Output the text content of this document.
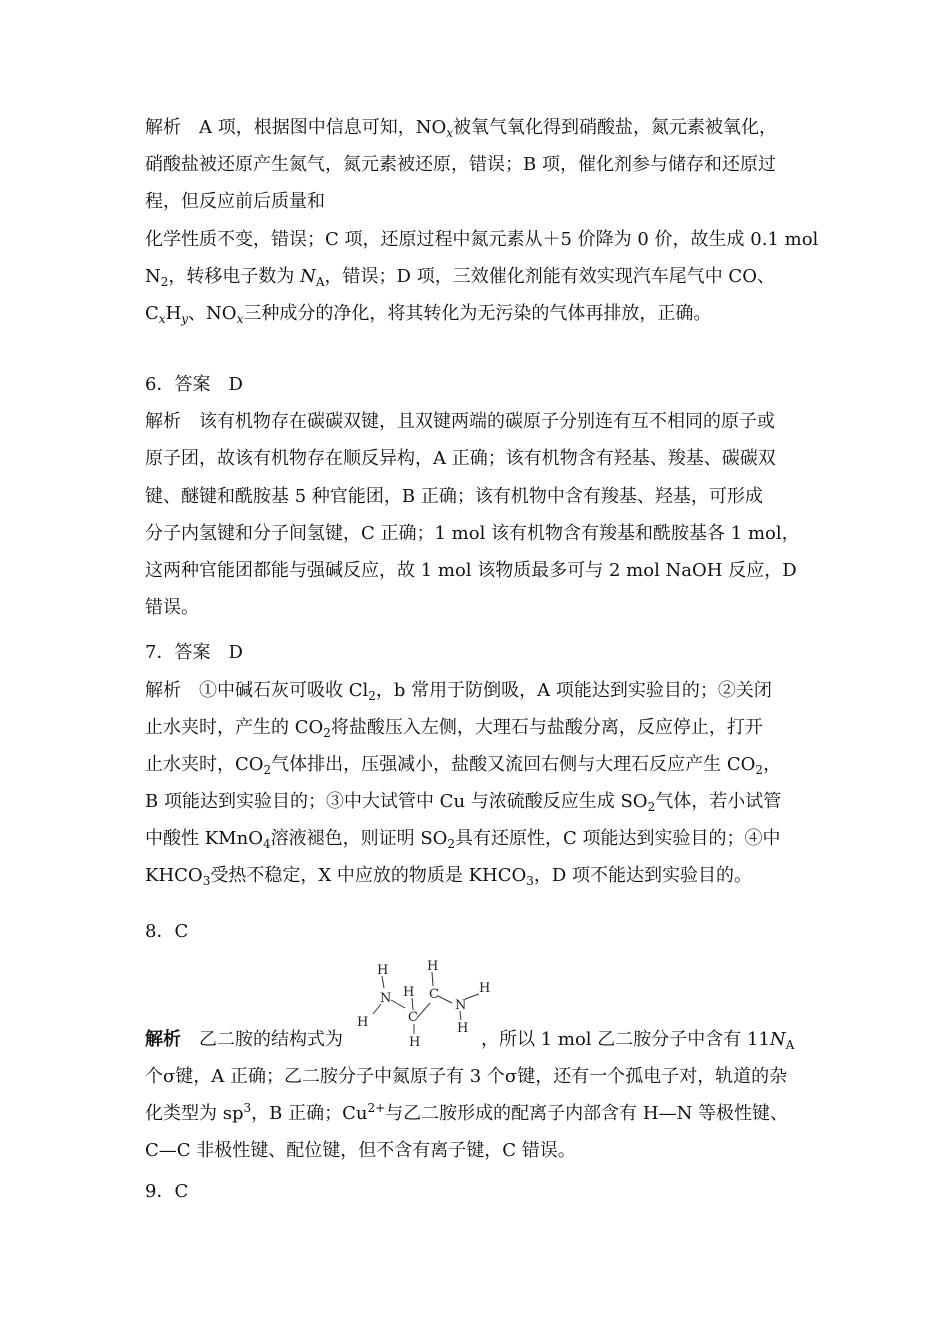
解析 A 项，根据图中信息可知，$NO_x$被氧气氧化得到硝酸盐，氮元素被氧化，
硝酸盐被还原产生氮气，氮元素被还原，错误；B 项，催化剂参与储存和还原过
程，但反应前后质量和
化学性质不变，错误；C 项，还原过程中氮元素从＋5 价降为 0 价，故生成 0.1 mol
$N_2$，转移电子数为 $N_A$，错误；D 项，三效催化剂能有效实现汽车尾气中 CO、
$C_xH_y$、$NO_x$三种成分的净化，将其转化为无污染的气体再排放，正确。
6．答案　D
解析 该有机物存在碳碳双键，且双键两端的碳原子分别连有互不相同的原子或
原子团，故该有机物存在顺反异构，A 正确；该有机物含有羟基、羧基、碳碳双
键、醚键和酰胺基 5 种官能团，B 正确；该有机物中含有羧基、羟基，可形成
分子内氢键和分子间氢键，C 正确；1 mol 该有机物含有羧基和酰胺基各 1 mol，
这两种官能团都能与强碱反应，故 1 mol 该物质最多可与 2 mol NaOH 反应，D
错误。
7．答案　D
解析 ①中碱石灰可吸收 $Cl_2$，b 常用于防倒吸，A 项能达到实验目的；②关闭
止水夹时，产生的 $CO_2$将盐酸压入左侧，大理石与盐酸分离，反应停止，打开
止水夹时，$CO_2$气体排出，压强减小，盐酸又流回右侧与大理石反应产生 $CO_2$，
B 项能达到实验目的；③中大试管中 Cu 与浓硫酸反应生成 $SO_2$气体，若小试管
中酸性 KMnO$_4$溶液褪色，则证明 $SO_2$具有还原性，C 项能达到实验目的；④中
$KHCO_3$受热不稳定，X 中应放的物质是 $KHCO_3$，D 项不能达到实验目的。
8．C
H
N
H
H
C
H
H
C
N
H
H
解析 乙二胺的结构式为	，所以 1 mol 乙二胺分子中含有 $11N_A$
个σ键，A 正确；乙二胺分子中氮原子有 3 个σ键，还有一个孤电子对，轨道的杂
化类型为 $sp^3$，B 正确；$Cu^{2+}$与乙二胺形成的配离子内部含有 H—N 等极性键、
C—C 非极性键、配位键，但不含有离子键，C 错误。
9．C
